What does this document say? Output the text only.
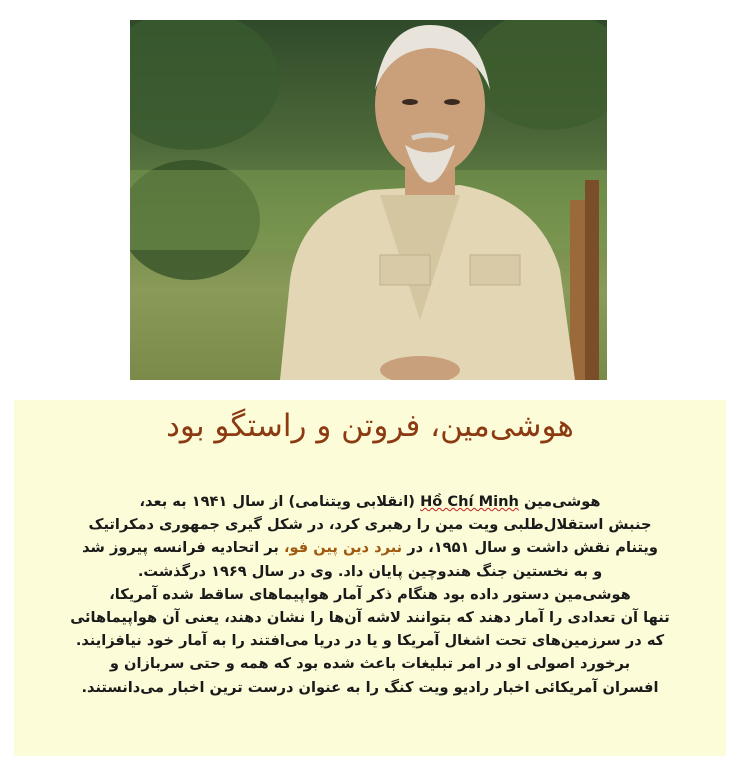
هوشی‌مین، فروتن و راستگو بود
هوشی‌مین Hồ Chí Minh (انقلابی ویتنامی) از سال ۱۹۴۱ به بعد،
جنبش استقلال‌طلبی ویت مین را رهبری کرد، در شکل گیری جمهوری دمکراتیک
ویتنام نقش داشت و سال ۱۹۵۱، در نبرد دین پین فو، بر اتحادیه فرانسه پیروز شد
و به نخستین جنگ هندوچین پایان داد. وی در سال ۱۹۶۹ درگذشت.
هوشی‌مین دستور داده بود هنگام ذکر آمار هواپیماهای ساقط شده آمریکا،
تنها آن تعدادی را آمار دهند که بتوانند لاشه آن‌ها را نشان دهند، یعنی آن هواپیماهائی
که در سرزمین‌های تحت اشغال آمریکا و یا در دریا می‌افتند را به آمار خود نیافزایند.
برخورد اصولی او در امر تبلیغات باعث شده بود که همه و حتی سربازان و
افسران آمریکائی اخبار رادیو ویت کنگ را به عنوان درست ترین اخبار می‌دانستند.
